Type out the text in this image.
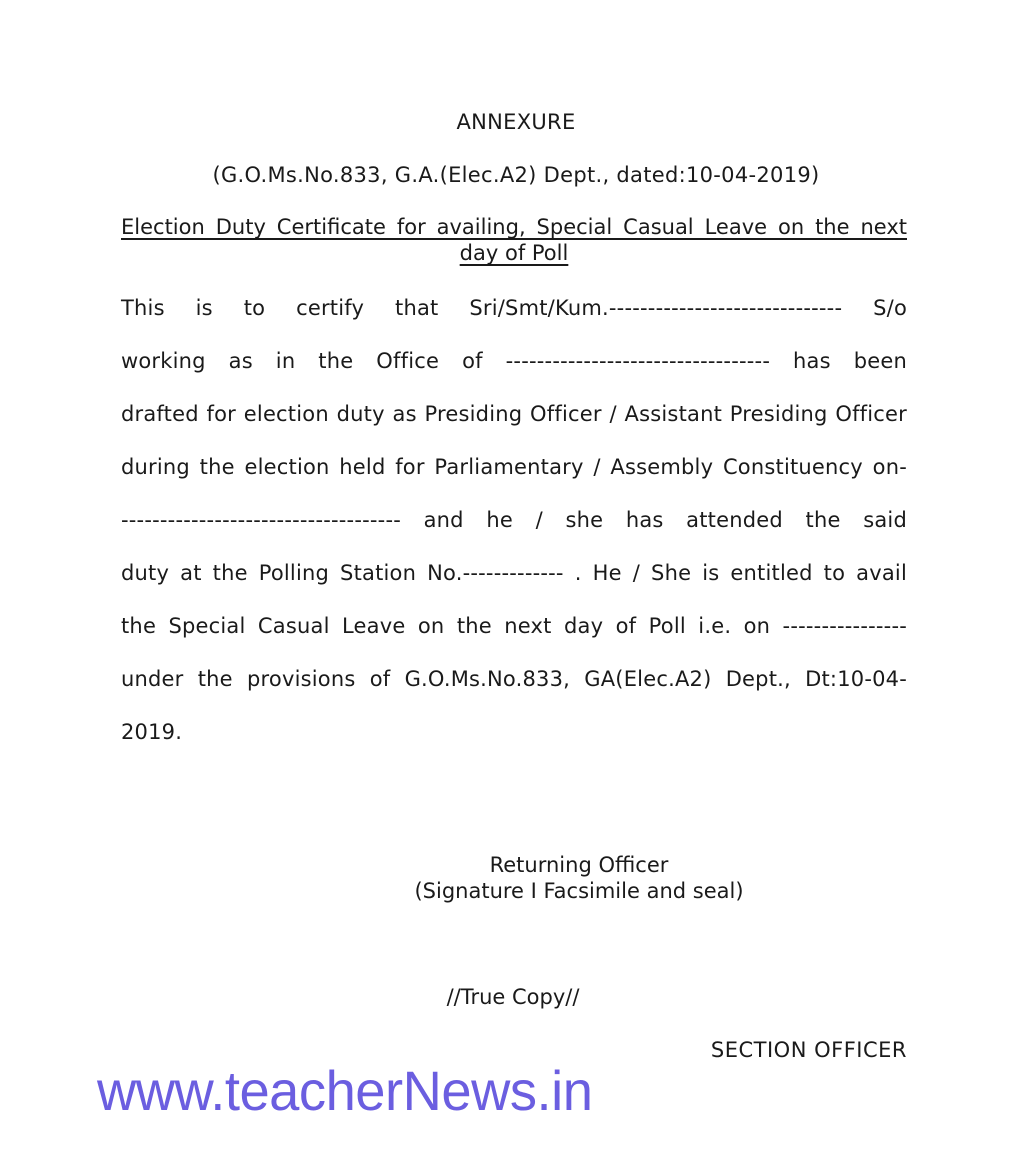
ANNEXURE
(G.O.Ms.No.833, G.A.(Elec.A2) Dept., dated:10-04-2019)
Election Duty Certificate for availing, Special Casual Leave on the next
day of Poll
This is to certify that Sri/Smt/Kum.------------------------------ S/o
working as in the Office of ---------------------------------- has been
drafted for election duty as Presiding Officer / Assistant Presiding Officer
during the election held for Parliamentary / Assembly Constituency on-
------------------------------------ and he / she has attended the said
duty at the Polling Station No.------------- . He / She is entitled to avail
the Special Casual Leave on the next day of Poll i.e. on ----------------
under the provisions of G.O.Ms.No.833, GA(Elec.A2) Dept., Dt:10-04-
2019.
Returning Officer
(Signature I Facsimile and seal)
//True Copy//
SECTION OFFICER
www.teacherNews.in
